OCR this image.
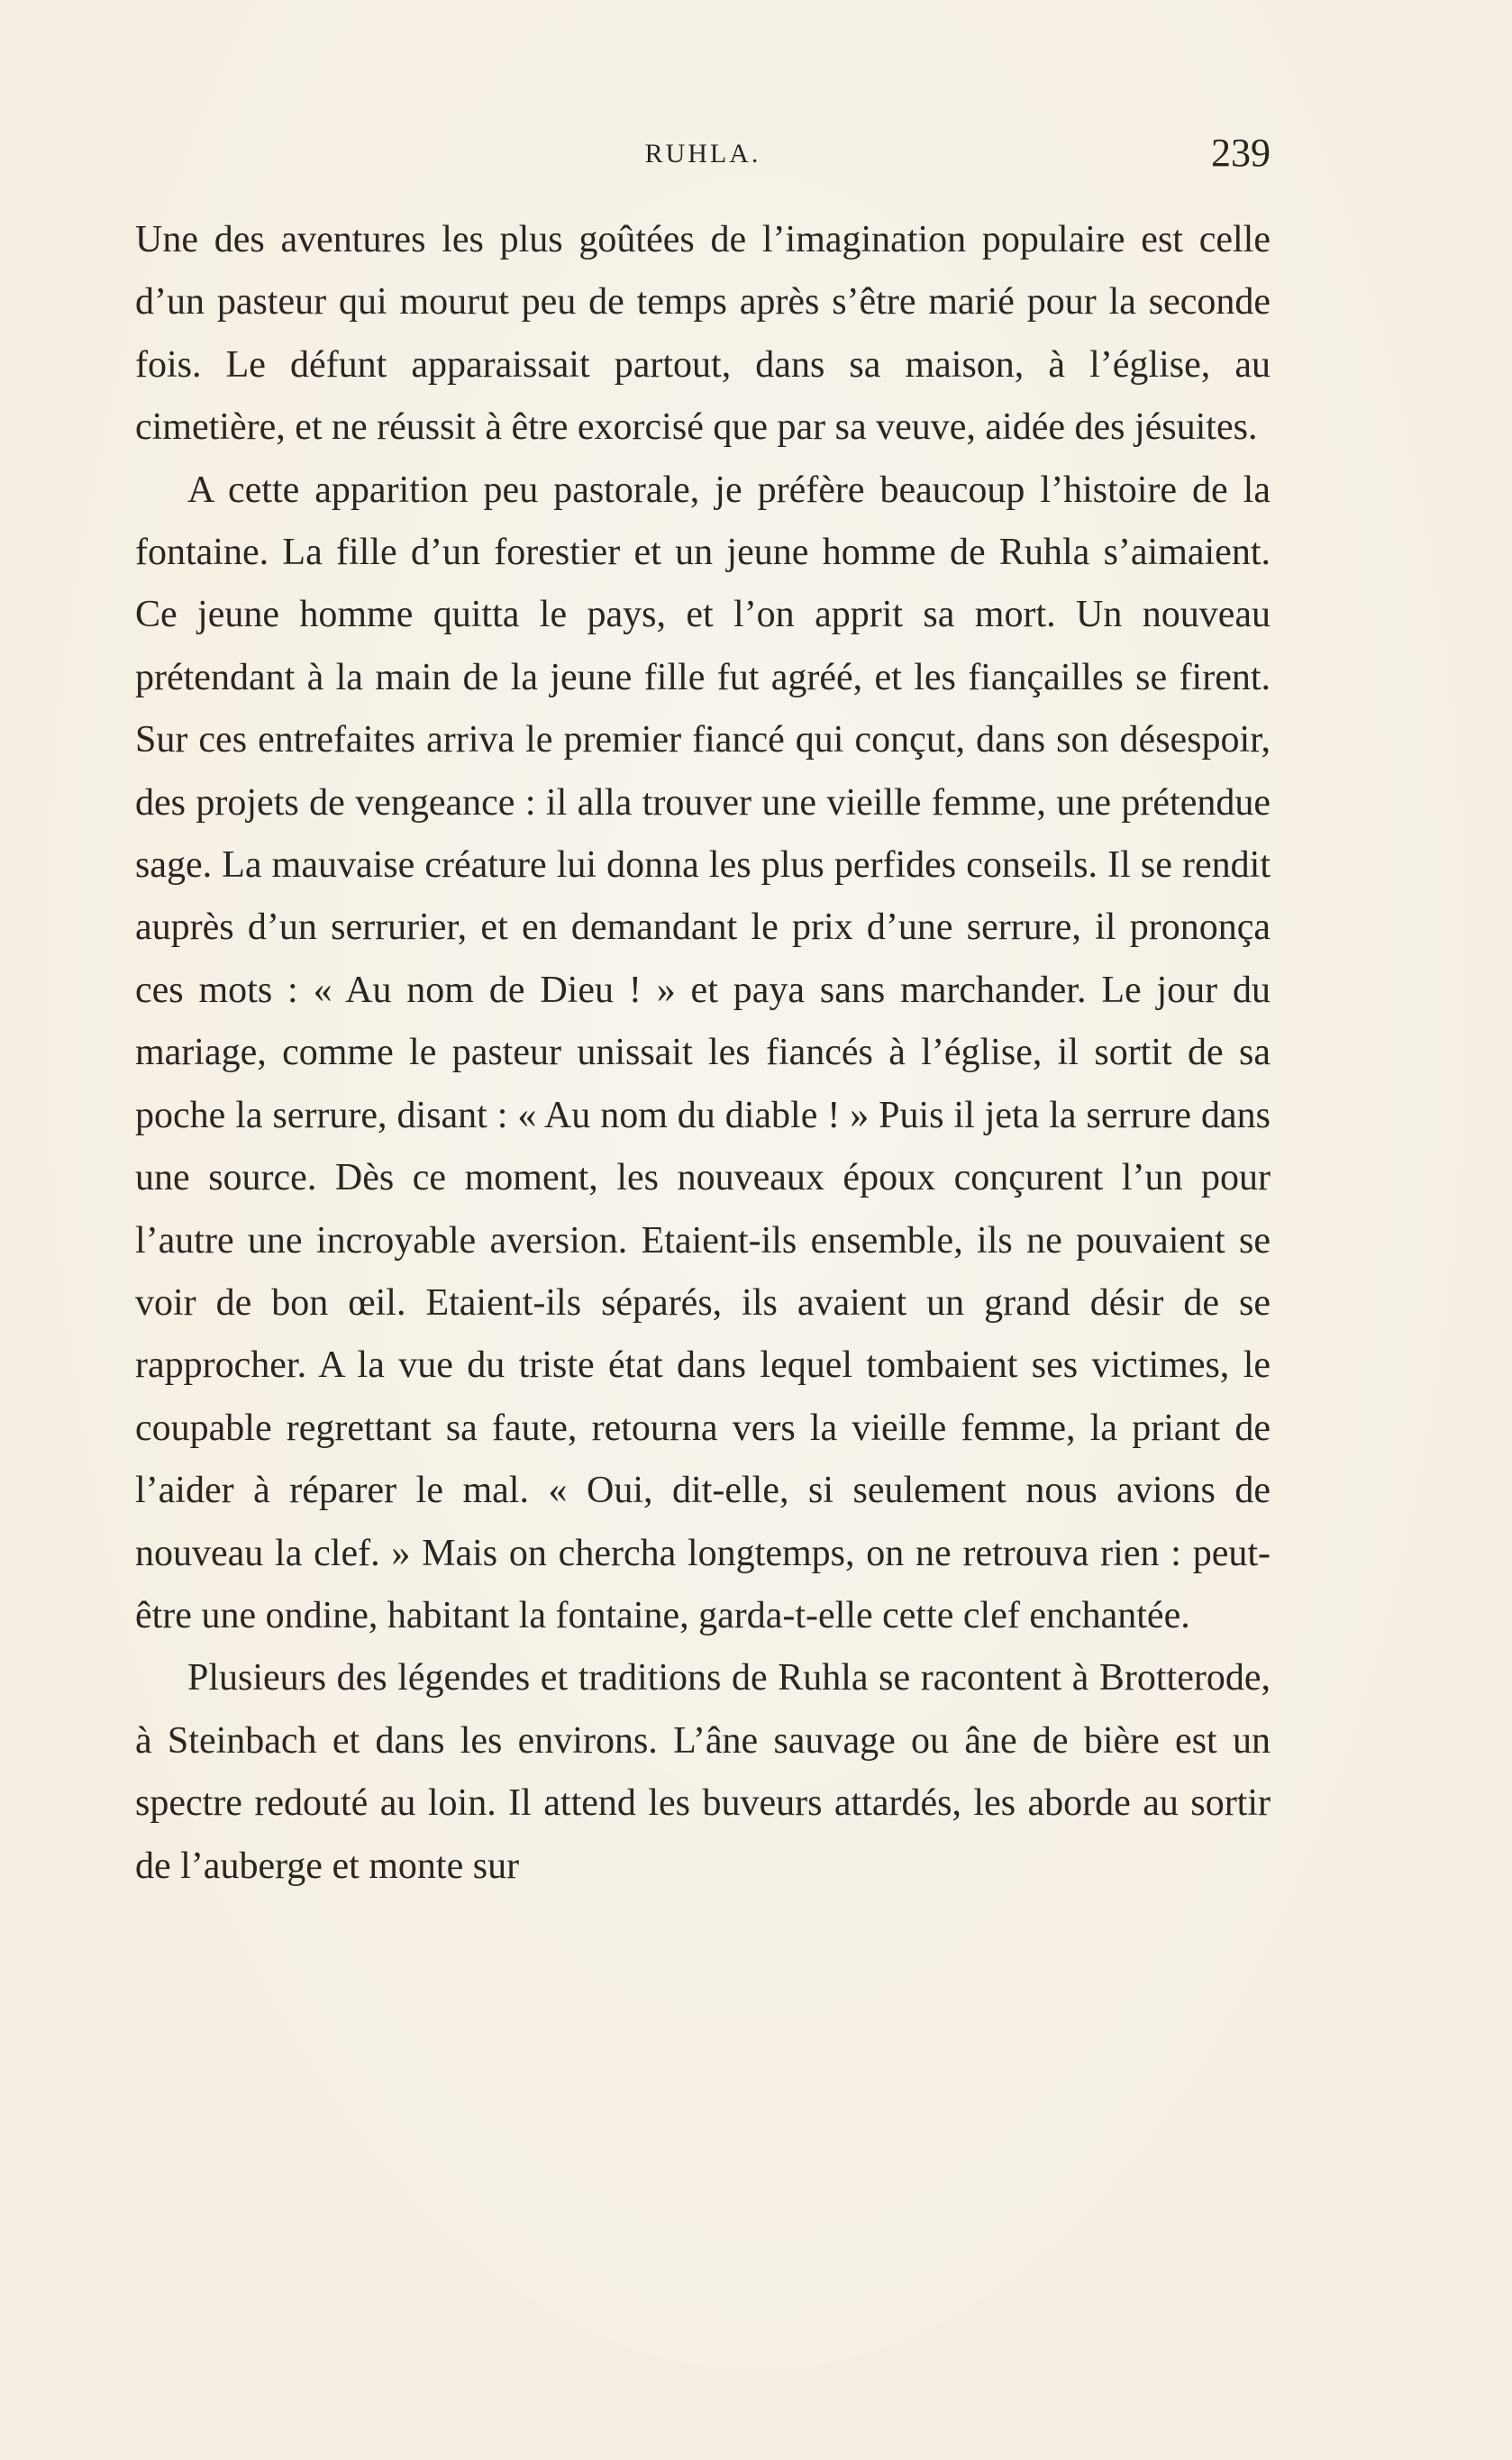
RUHLA.	239

Une des aventures les plus goûtées de l’imagination populaire est celle d’un pasteur qui mourut peu de temps après s’être marié pour la seconde fois. Le défunt apparaissait partout, dans sa maison, à l’église, au cimetière, et ne réussit à être exorcisé que par sa veuve, aidée des jésuites.

A cette apparition peu pastorale, je préfère beaucoup l’histoire de la fontaine. La fille d’un forestier et un jeune homme de Ruhla s’aimaient. Ce jeune homme quitta le pays, et l’on apprit sa mort. Un nouveau prétendant à la main de la jeune fille fut agréé, et les fiançailles se firent. Sur ces entrefaites arriva le premier fiancé qui conçut, dans son désespoir, des projets de vengeance : il alla trouver une vieille femme, une prétendue sage. La mauvaise créature lui donna les plus perfides conseils. Il se rendit auprès d’un serrurier, et en demandant le prix d’une serrure, il prononça ces mots : « Au nom de Dieu ! » et paya sans marchander. Le jour du mariage, comme le pasteur unissait les fiancés à l’église, il sortit de sa poche la serrure, disant : « Au nom du diable ! » Puis il jeta la serrure dans une source. Dès ce moment, les nouveaux époux conçurent l’un pour l’autre une incroyable aversion. Etaient-ils ensemble, ils ne pouvaient se voir de bon œil. Etaient-ils séparés, ils avaient un grand désir de se rapprocher. A la vue du triste état dans lequel tombaient ses victimes, le coupable regrettant sa faute, retourna vers la vieille femme, la priant de l’aider à réparer le mal. « Oui, dit-elle, si seulement nous avions de nouveau la clef. » Mais on chercha longtemps, on ne retrouva rien : peut-être une ondine, habitant la fontaine, garda-t-elle cette clef enchantée.

Plusieurs des légendes et traditions de Ruhla se racontent à Brotterode, à Steinbach et dans les environs. L’âne sauvage ou âne de bière est un spectre redouté au loin. Il attend les buveurs attardés, les aborde au sortir de l’auberge et monte sur
